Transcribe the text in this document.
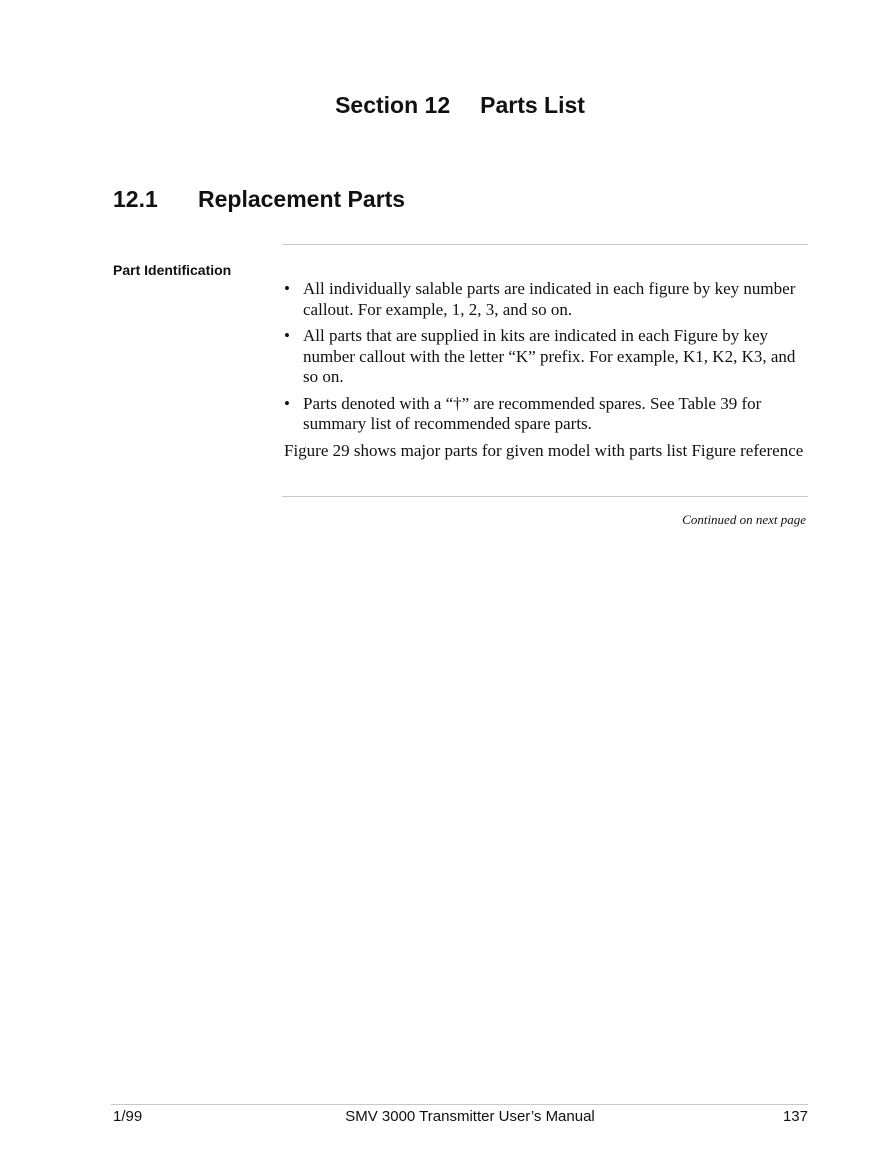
Section 12 Parts List
12.1 Replacement Parts
Part Identification
• All individually salable parts are indicated in each figure by key number callout. For example, 1, 2, 3, and so on.
• All parts that are supplied in kits are indicated in each Figure by key number callout with the letter “K” prefix. For example, K1, K2, K3, and so on.
• Parts denoted with a “†” are recommended spares. See Table 39 for summary list of recommended spare parts.

Figure 29 shows major parts for given model with parts list Figure reference

Continued on next page
1/99	SMV 3000 Transmitter User’s Manual	137
